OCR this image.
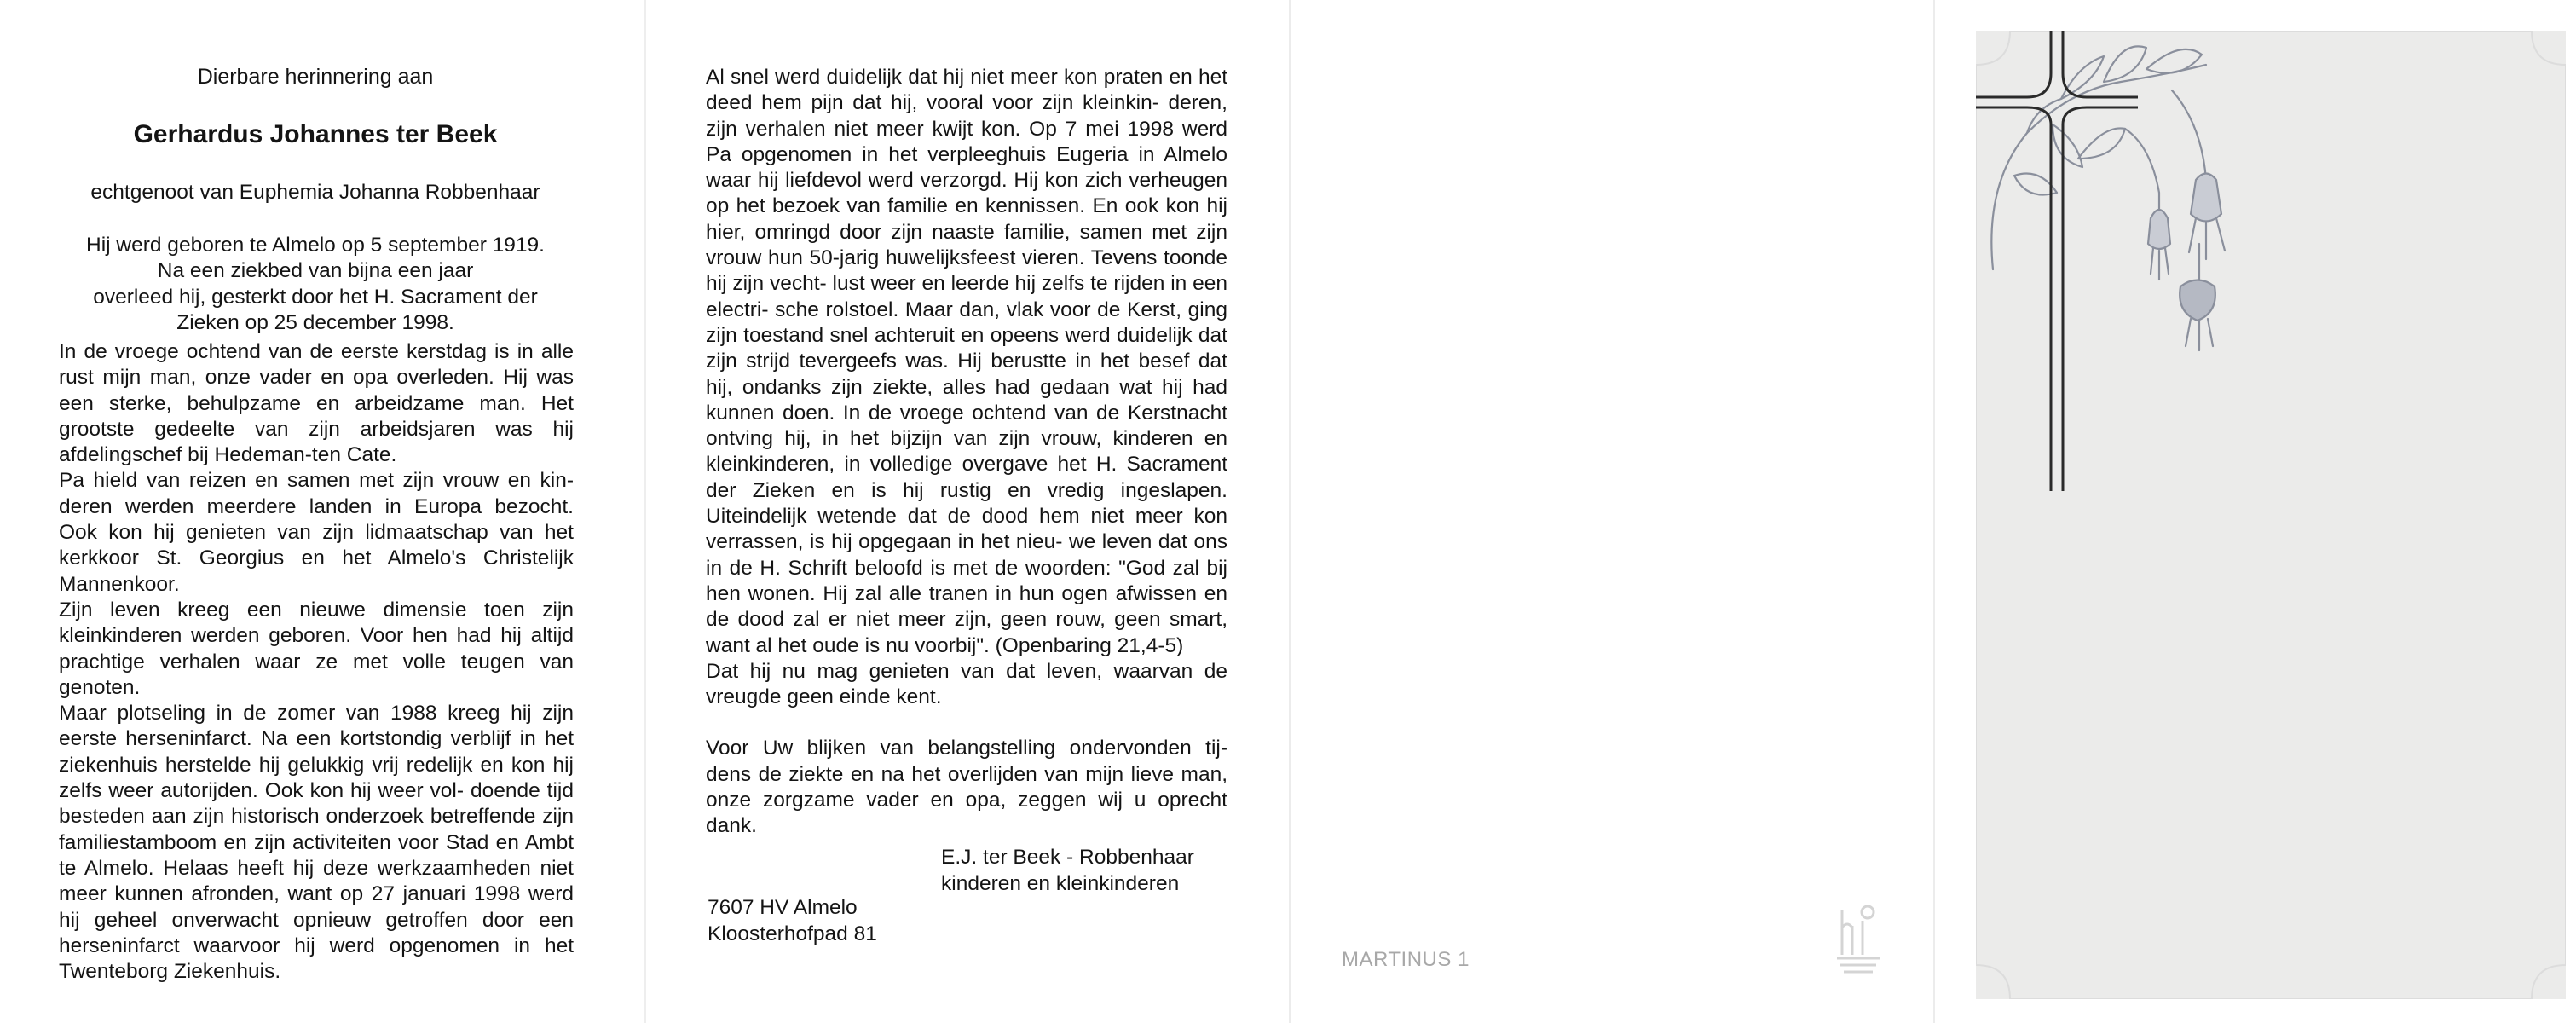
Dierbare herinnering aan

Gerhardus Johannes ter Beek

echtgenoot van Euphemia Johanna Robbenhaar

Hij werd geboren te Almelo op 5 september 1919.

Na een ziekbed van bijna een jaar

overleed hij, gesterkt door het H. Sacrament der

Zieken op 25 december 1998.

In de vroege ochtend van de eerste kerstdag is in alle rust mijn man, onze vader en opa overleden. Hij was een sterke, behulpzame en arbeidzame man. Het grootste gedeelte van zijn arbeidsjaren was hij afdelingschef bij Hedeman-ten Cate.

Pa hield van reizen en samen met zijn vrouw en kin- deren werden meerdere landen in Europa bezocht. Ook kon hij genieten van zijn lidmaatschap van het kerkkoor St. Georgius en het Almelo's Christelijk Mannenkoor.

Zijn leven kreeg een nieuwe dimensie toen zijn kleinkinderen werden geboren. Voor hen had hij altijd prachtige verhalen waar ze met volle teugen van genoten.

Maar plotseling in de zomer van 1988 kreeg hij zijn eerste herseninfarct. Na een kortstondig verblijf in het ziekenhuis herstelde hij gelukkig vrij redelijk en kon hij zelfs weer autorijden. Ook kon hij weer vol- doende tijd besteden aan zijn historisch onderzoek betreffende zijn familiestamboom en zijn activiteiten voor Stad en Ambt te Almelo. Helaas heeft hij deze werkzaamheden niet meer kunnen afronden, want op 27 januari 1998 werd hij geheel onverwacht opnieuw getroffen door een herseninfarct waarvoor hij werd opgenomen in het Twenteborg Ziekenhuis.

Al snel werd duidelijk dat hij niet meer kon praten en het deed hem pijn dat hij, vooral voor zijn kleinkin- deren, zijn verhalen niet meer kwijt kon. Op 7 mei 1998 werd Pa opgenomen in het verpleeghuis Eugeria in Almelo waar hij liefdevol werd verzorgd. Hij kon zich verheugen op het bezoek van familie en kennissen. En ook kon hij hier, omringd door zijn naaste familie, samen met zijn vrouw hun 50-jarig huwelijksfeest vieren. Tevens toonde hij zijn vecht- lust weer en leerde hij zelfs te rijden in een electri- sche rolstoel. Maar dan, vlak voor de Kerst, ging zijn toestand snel achteruit en opeens werd duidelijk dat zijn strijd tevergeefs was. Hij berustte in het besef dat hij, ondanks zijn ziekte, alles had gedaan wat hij had kunnen doen. In de vroege ochtend van de Kerstnacht ontving hij, in het bijzijn van zijn vrouw, kinderen en kleinkinderen, in volledige overgave het H. Sacrament der Zieken en is hij rustig en vredig ingeslapen. Uiteindelijk wetende dat de dood hem niet meer kon verrassen, is hij opgegaan in het nieu- we leven dat ons in de H. Schrift beloofd is met de woorden: "God zal bij hen wonen. Hij zal alle tranen in hun ogen afwissen en de dood zal er niet meer zijn, geen rouw, geen smart, want al het oude is nu voorbij". (Openbaring 21,4-5)

Dat hij nu mag genieten van dat leven, waarvan de vreugde geen einde kent.

Voor Uw blijken van belangstelling ondervonden tij- dens de ziekte en na het overlijden van mijn lieve man, onze zorgzame vader en opa, zeggen wij u oprecht dank.

E.J. ter Beek - Robbenhaar
kinderen en kleinkinderen
7607 HV Almelo
Kloosterhofpad 81
MARTINUS 1
